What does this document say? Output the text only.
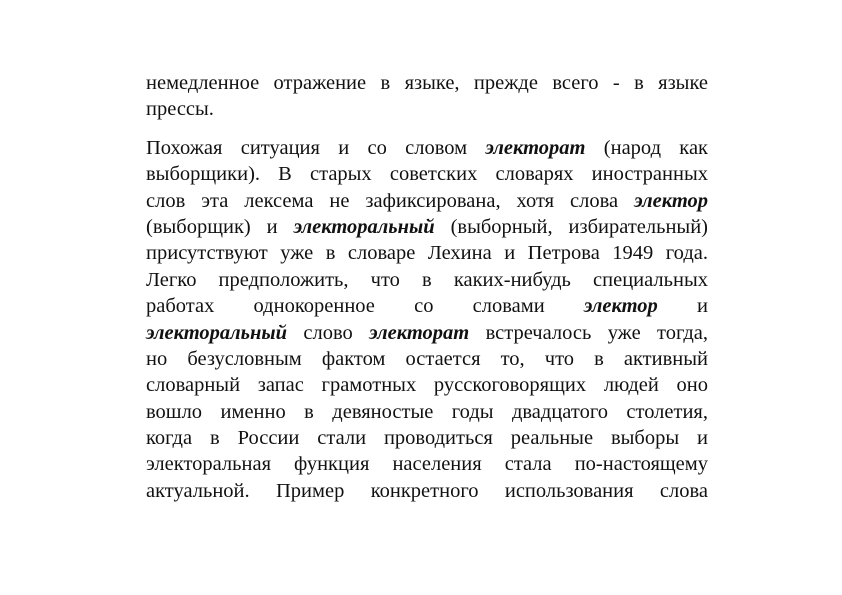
немедленное отражение в языке, прежде всего - в языке
прессы.
Похожая ситуация и со словом электорат (народ как
выборщики). В старых советских словарях иностранных
слов эта лексема не зафиксирована, хотя слова электор
(выборщик) и электоральный (выборный, избирательный)
присутствуют уже в словаре Лехина и Петрова 1949 года.
Легко предположить, что в каких-нибудь специальных
работах однокоренное со словами электор и
электоральный слово электорат встречалось уже тогда,
но безусловным фактом остается то, что в активный
словарный запас грамотных русскоговорящих людей оно
вошло именно в девяностые годы двадцатого столетия,
когда в России стали проводиться реальные выборы и
электоральная функция населения стала по-настоящему
актуальной. Пример конкретного использования слова
